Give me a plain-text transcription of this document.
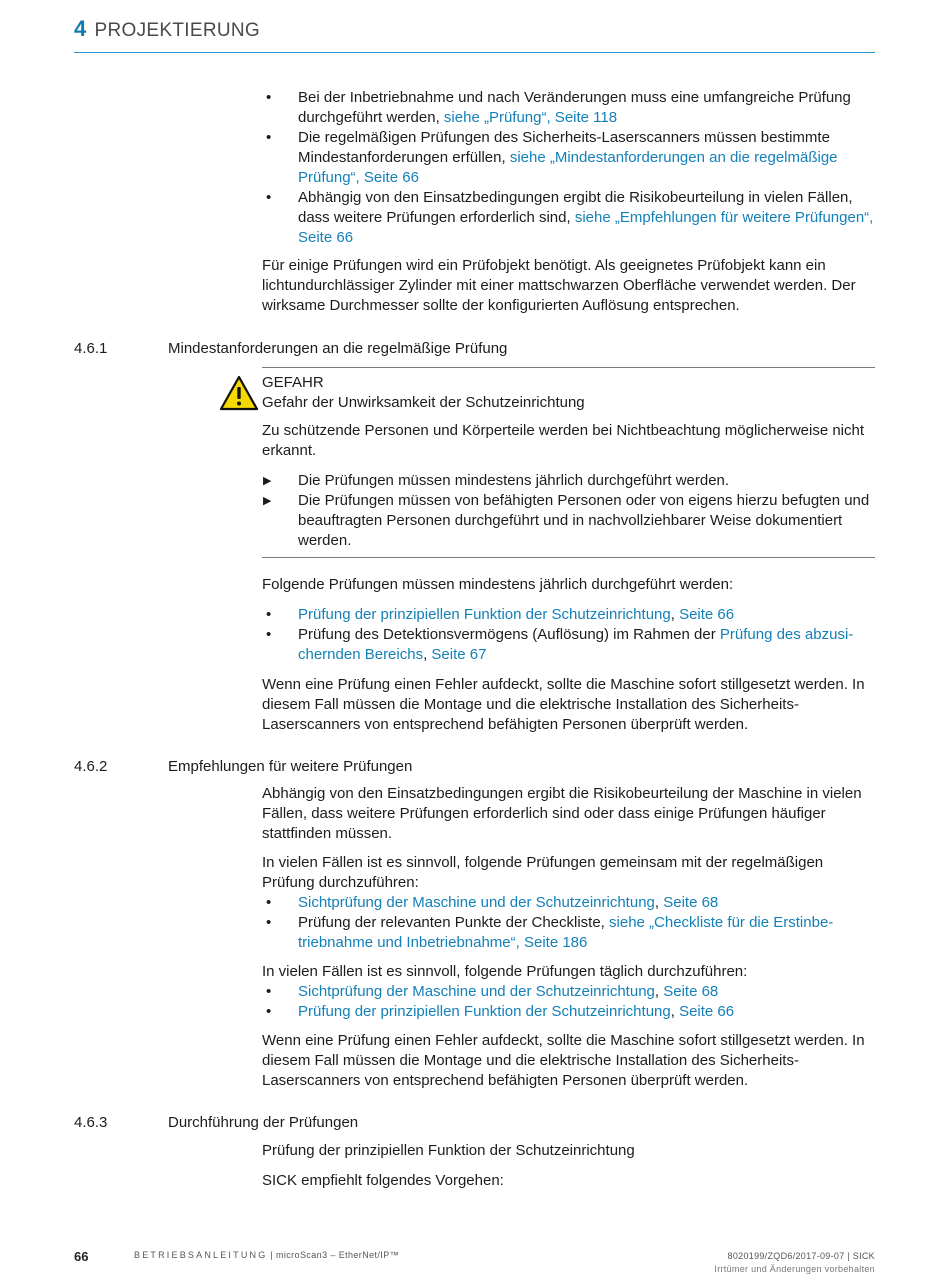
4 PROJEKTIERUNG
• Bei der Inbetriebnahme und nach Veränderungen muss eine umfangreiche Prüfung durchgeführt werden, siehe „Prüfung“, Seite 118
• Die regelmäßigen Prüfungen des Sicherheits-Laserscanners müssen bestimmte Mindestanforderungen erfüllen, siehe „Mindestanforderungen an die regelmäßige Prüfung“, Seite 66
• Abhängig von den Einsatzbedingungen ergibt die Risikobeurteilung in vielen Fällen, dass weitere Prüfungen erforderlich sind, siehe „Empfehlungen für weitere Prüfungen“, Seite 66

Für einige Prüfungen wird ein Prüfobjekt benötigt. Als geeignetes Prüfobjekt kann ein lichtundurchlässiger Zylinder mit einer mattschwarzen Oberfläche verwendet werden. Der wirksame Durchmesser sollte der konfigurierten Auflösung entsprechen.

4.6.1	Mindestanforderungen an die regelmäßige Prüfung
GEFAHR
Gefahr der Unwirksamkeit der Schutzeinrichtung

Zu schützende Personen und Körperteile werden bei Nichtbeachtung möglicherweise nicht erkannt.

▶ Die Prüfungen müssen mindestens jährlich durchgeführt werden.
▶ Die Prüfungen müssen von befähigten Personen oder von eigens hierzu befugten und beauftragten Personen durchgeführt und in nachvollziehbarer Weise dokumentiert werden.

Folgende Prüfungen müssen mindestens jährlich durchgeführt werden:

• Prüfung der prinzipiellen Funktion der Schutzeinrichtung, Seite 66
• Prüfung des Detektionsvermögens (Auflösung) im Rahmen der Prüfung des abzusichernden Bereichs, Seite 67

Wenn eine Prüfung einen Fehler aufdeckt, sollte die Maschine sofort stillgesetzt werden. In diesem Fall müssen die Montage und die elektrische Installation des Sicherheits-Laserscanners von entsprechend befähigten Personen überprüft werden.

4.6.2	Empfehlungen für weitere Prüfungen

Abhängig von den Einsatzbedingungen ergibt die Risikobeurteilung der Maschine in vielen Fällen, dass weitere Prüfungen erforderlich sind oder dass einige Prüfungen häufiger stattfinden müssen.

In vielen Fällen ist es sinnvoll, folgende Prüfungen gemeinsam mit der regelmäßigen Prüfung durchzuführen:

• Sichtprüfung der Maschine und der Schutzeinrichtung, Seite 68
• Prüfung der relevanten Punkte der Checkliste, siehe „Checkliste für die Erstinbetriebnahme und Inbetriebnahme“, Seite 186

In vielen Fällen ist es sinnvoll, folgende Prüfungen täglich durchzuführen:

• Sichtprüfung der Maschine und der Schutzeinrichtung, Seite 68
• Prüfung der prinzipiellen Funktion der Schutzeinrichtung, Seite 66

Wenn eine Prüfung einen Fehler aufdeckt, sollte die Maschine sofort stillgesetzt werden. In diesem Fall müssen die Montage und die elektrische Installation des Sicherheits-Laserscanners von entsprechend befähigten Personen überprüft werden.

4.6.3	Durchführung der Prüfungen

Prüfung der prinzipiellen Funktion der Schutzeinrichtung

SICK empfiehlt folgendes Vorgehen:

66	BETRIEBSANLEITUNG | microScan3 – EtherNet/IP™	8020199/ZQD6/2017-09-07 | SICK
Irrtümer und Änderungen vorbehalten
